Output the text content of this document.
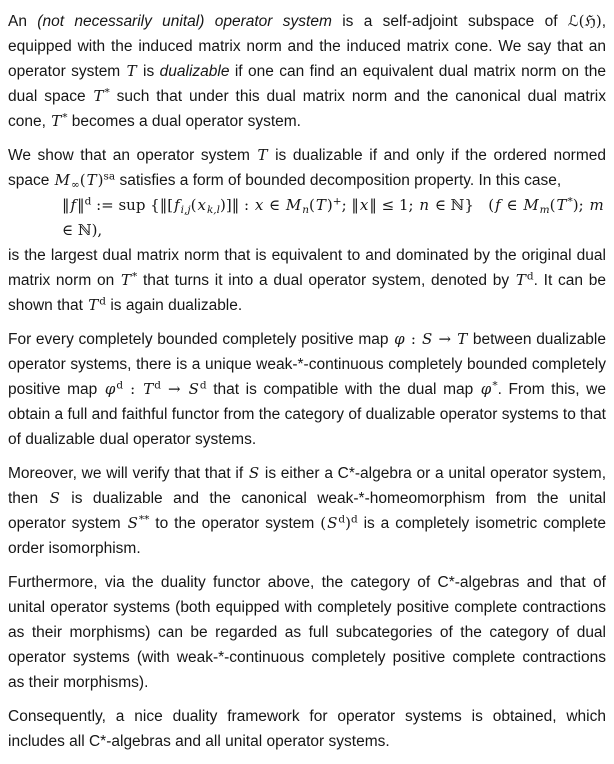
An (not necessarily unital) operator system is a self-adjoint subspace of ℒ(ℌ), equipped with the induced matrix norm and the induced matrix cone. We say that an operator system T is dualizable if one can find an equivalent dual matrix norm on the dual space T* such that under this dual matrix norm and the canonical dual matrix cone, T* becomes a dual operator system.

We show that an operator system T is dualizable if and only if the ordered normed space $M_\infty(T)^{sa}$ satisfies a form of bounded decomposition property. In this case,

‖f‖$^d$ := sup {$‖[f_{i,j}(x_{k,l})]‖$ : x ∈ $M_n(T)^+$; ‖x‖ ≤ 1; n ∈ ℕ}   (f ∈ $M_m(T^*)$; m ∈ ℕ),

is the largest dual matrix norm that is equivalent to and dominated by the original dual matrix norm on T* that turns it into a dual operator system, denoted by $T^d$. It can be shown that $T^d$ is again dualizable.

For every completely bounded completely positive map φ : S → T between dualizable operator systems, there is a unique weak-*-continuous completely bounded completely positive map $\varphi^d$ : $T^d \to S^d$ that is compatible with the dual map φ*. From this, we obtain a full and faithful functor from the category of dualizable operator systems to that of dualizable dual operator systems.

Moreover, we will verify that that if S is either a C*-algebra or a unital operator system, then S is dualizable and the canonical weak-*-homeomorphism from the unital operator system S** to the operator system $(S^d)^d$ is a completely isometric complete order isomorphism.

Furthermore, via the duality functor above, the category of C*-algebras and that of unital operator systems (both equipped with completely positive complete contractions as their morphisms) can be regarded as full subcategories of the category of dual operator systems (with weak-*-continuous completely positive complete contractions as their morphisms).

Consequently, a nice duality framework for operator systems is obtained, which includes all C*-algebras and all unital operator systems.
